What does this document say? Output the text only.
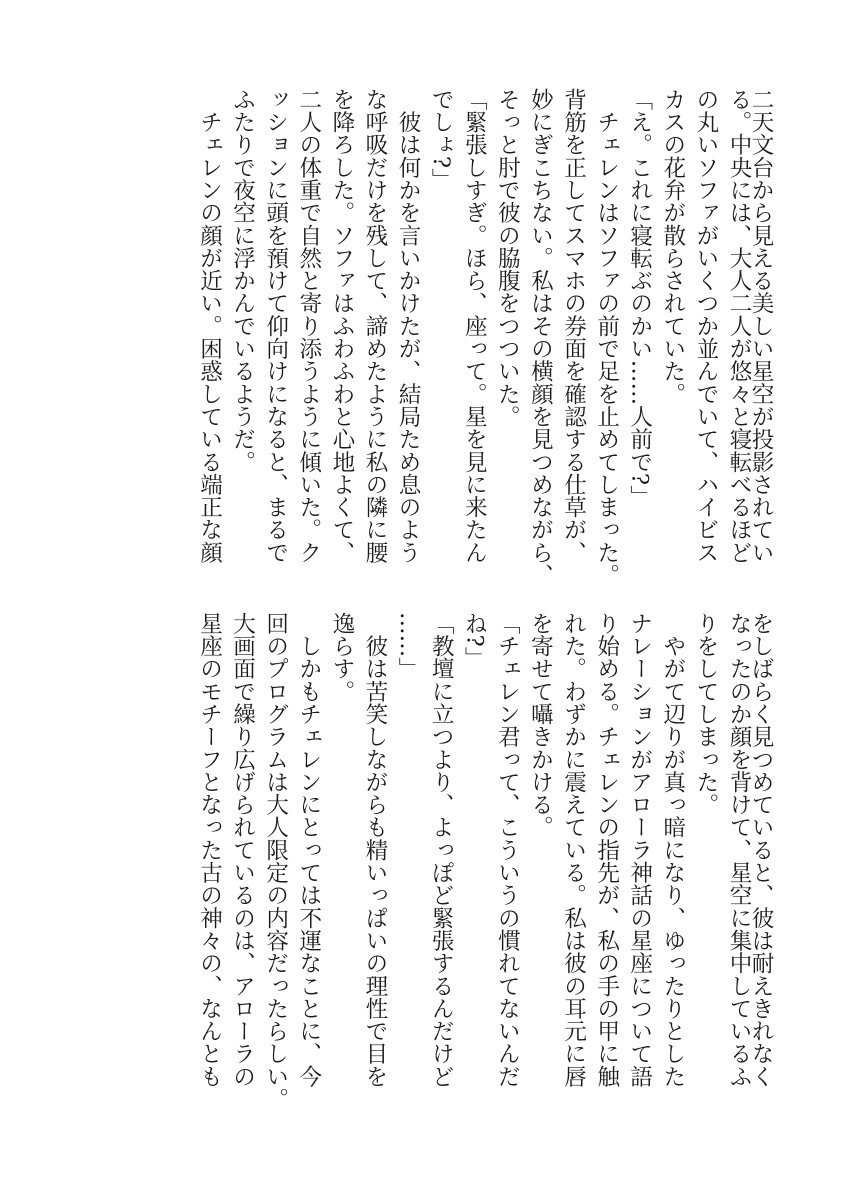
二天文台から見える美しい星空が投影されてい
る。中央には、大人二人が悠々と寝転べるほど
の丸いソファがいくつか並んでいて、ハイビス
カスの花弁が散らされていた。
「え。これに寝転ぶのかい……人前で?」
　チェレンはソファの前で足を止めてしまった。
背筋を正してスマホの券面を確認する仕草が、
妙にぎこちない。私はその横顔を見つめながら、
そっと肘で彼の脇腹をつついた。
「緊張しすぎ。ほら、座って。星を見に来たん
でしょ?」
　彼は何かを言いかけたが、結局ため息のよう
な呼吸だけを残して、諦めたように私の隣に腰
を降ろした。ソファはふわふわと心地よくて、
二人の体重で自然と寄り添うように傾いた。ク
ッションに頭を預けて仰向けになると、まるで
ふたりで夜空に浮かんでいるようだ。
　チェレンの顔が近い。困惑している端正な顔
をしばらく見つめていると、彼は耐えきれなく
なったのか顔を背けて、星空に集中しているふ
りをしてしまった。
　やがて辺りが真っ暗になり、ゆったりとした
ナレーションがアローラ神話の星座について語
り始める。チェレンの指先が、私の手の甲に触
れた。わずかに震えている。私は彼の耳元に唇
を寄せて囁きかける。
「チェレン君って、こういうの慣れてないんだ
ね?」
「教壇に立つより、よっぽど緊張するんだけど
……」
　彼は苦笑しながらも精いっぱいの理性で目を
逸らす。
　しかもチェレンにとっては不運なことに、今
回のプログラムは大人限定の内容だったらしい。
大画面で繰り広げられているのは、アローラの
星座のモチーフとなった古の神々の、なんとも
